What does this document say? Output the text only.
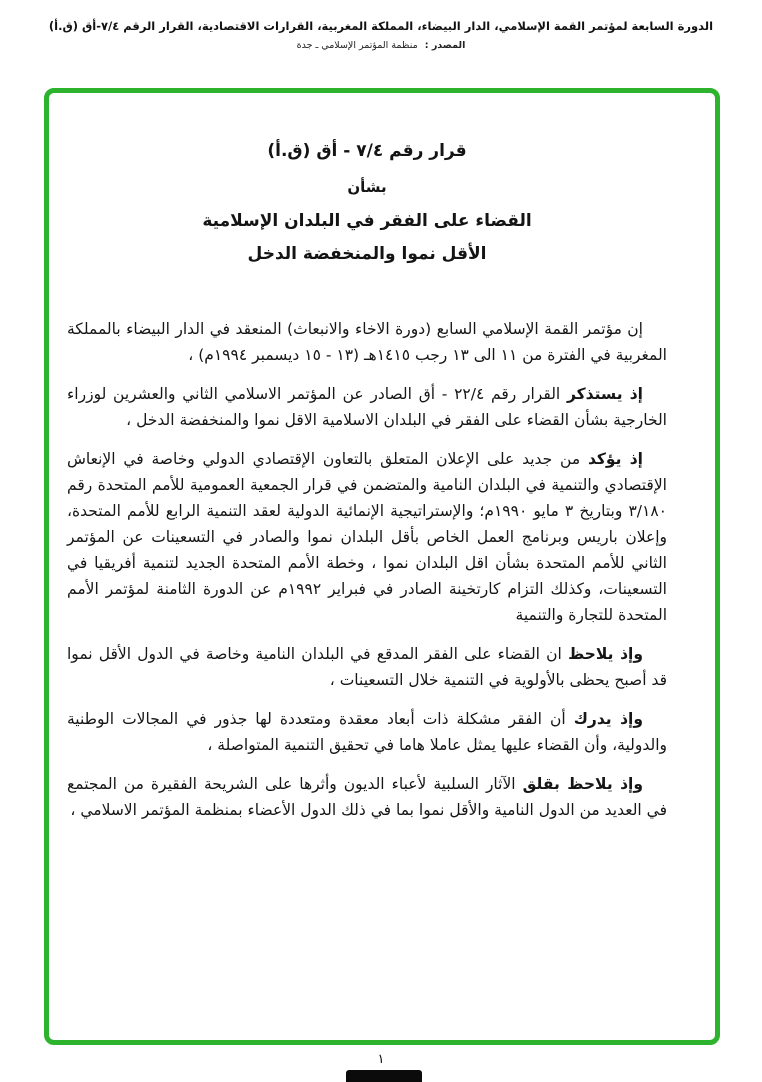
الدورة السابعة لمؤتمر القمة الإسلامي، الدار البيضاء، المملكة المغربية، القرارات الاقتصادية، القرار الرقم ٧/٤-أق (ق.أ)
المصدر : منظمة المؤتمر الإسلامي ـ جدة
قرار رقم ٧/٤ - أق (ق.أ)
بشأن
القضاء على الفقر في البلدان الإسلامية
الأقل نموا والمنخفضة الدخل

إن مؤتمر القمة الإسلامي السابع (دورة الاخاء والانبعاث) المنعقد في الدار البيضاء بالمملكة المغربية في الفترة من ١١ الى ١٣ رجب ١٤١٥هـ (١٣ - ١٥ ديسمبر ١٩٩٤م) ،

إذ يستذكر القرار رقم ٢٢/٤ - أق الصادر عن المؤتمر الاسلامي الثاني والعشرين لوزراء الخارجية بشأن القضاء على الفقر في البلدان الاسلامية الاقل نموا والمنخفضة الدخل ،

إذ يؤكد من جديد على الإعلان المتعلق بالتعاون الإقتصادي الدولي وخاصة في الإنعاش الإقتصادي والتنمية في البلدان النامية والمتضمن في قرار الجمعية العمومية للأمم المتحدة رقم ٣/١٨٠ وبتاريخ ٣ مايو ١٩٩٠م؛ والإستراتيجية الإنمائية الدولية لعقد التنمية الرابع للأمم المتحدة، وإعلان باريس وبرنامج العمل الخاص بأقل البلدان نموا والصادر في التسعينات عن المؤتمر الثاني للأمم المتحدة بشأن اقل البلدان نموا ، وخطة الأمم المتحدة الجديد لتنمية أفريقيا في التسعينات، وكذلك التزام كارتخينة الصادر في فبراير ١٩٩٢م عن الدورة الثامنة لمؤتمر الأمم المتحدة للتجارة والتنمية

وإذ يلاحظ ان القضاء على الفقر المدقع في البلدان النامية وخاصة في الدول الأقل نموا قد أصبح يحظى بالأولوية في التنمية خلال التسعينات ،

وإذ يدرك أن الفقر مشكلة ذات أبعاد معقدة ومتعددة لها جذور في المجالات الوطنية والدولية، وأن القضاء عليها يمثل عاملا هاما في تحقيق التنمية المتواصلة ،

وإذ يلاحظ بقلق الآثار السلبية لأعباء الديون وأثرها على الشريحة الفقيرة من المجتمع في العديد من الدول النامية والأقل نموا بما في ذلك الدول الأعضاء بمنظمة المؤتمر الاسلامي ،

١
